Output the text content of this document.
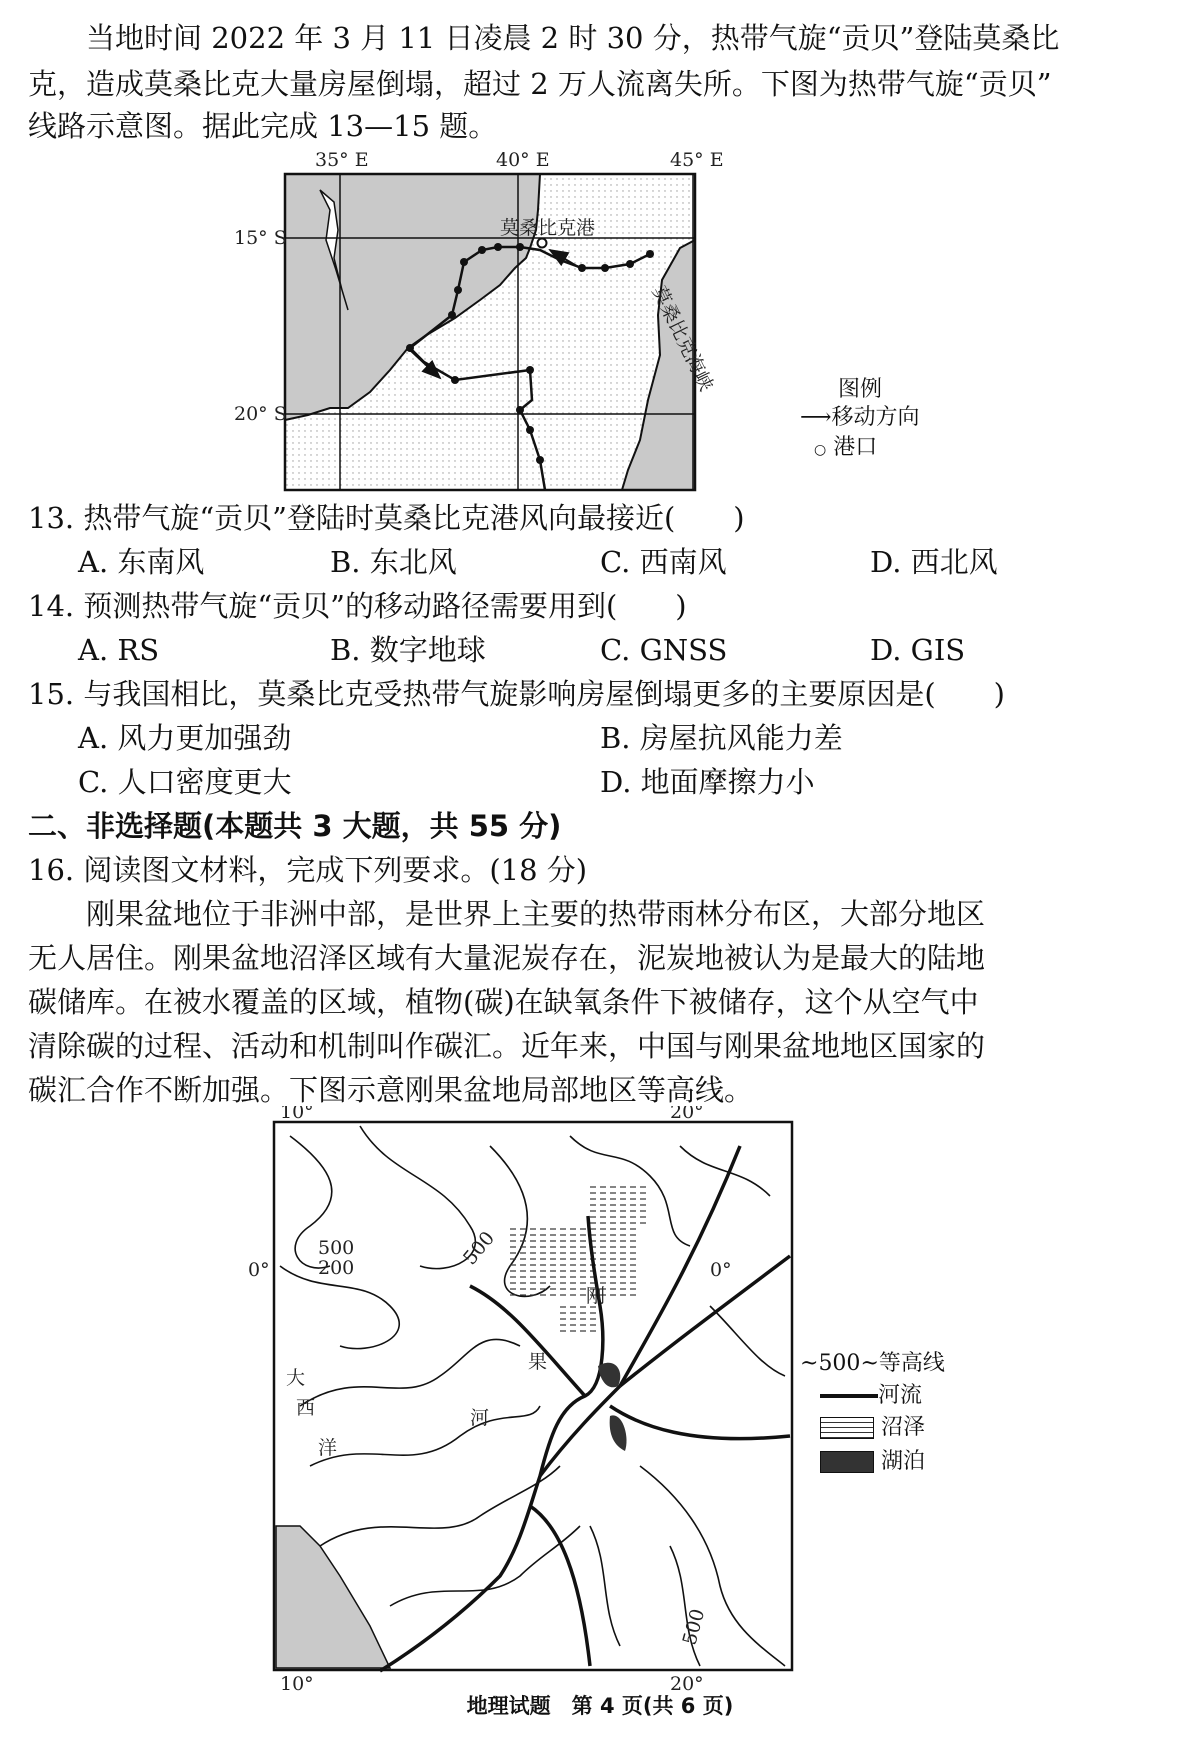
　　当地时间 2022 年 3 月 11 日凌晨 2 时 30 分，热带气旋“贡贝”登陆莫桑比
克，造成莫桑比克大量房屋倒塌，超过 2 万人流离失所。下图为热带气旋“贡贝”
线路示意图。据此完成 13—15 题。
35° E	40° E	45° E
15° S
20° S
莫桑比克港
莫桑比克海峡	图例
⟶移动方向
○ 港口
13. 热带气旋“贡贝”登陆时莫桑比克港风向最接近(　　)
A. 东南风	B. 东北风	C. 西南风	D. 西北风
14. 预测热带气旋“贡贝”的移动路径需要用到(　　)
A. RS	B. 数字地球	C. GNSS	D. GIS
15. 与我国相比，莫桑比克受热带气旋影响房屋倒塌更多的主要原因是(　　)
A. 风力更加强劲	B. 房屋抗风能力差
C. 人口密度更大	D. 地面摩擦力小
二、非选择题(本题共 3 大题，共 55 分)
16. 阅读图文材料，完成下列要求。(18 分)
　　刚果盆地位于非洲中部，是世界上主要的热带雨林分布区，大部分地区
无人居住。刚果盆地沼泽区域有大量泥炭存在，泥炭地被认为是最大的陆地
碳储库。在被水覆盖的区域，植物(碳)在缺氧条件下被储存，这个从空气中
清除碳的过程、活动和机制叫作碳汇。近年来，中国与刚果盆地地区国家的
碳汇合作不断加强。下图示意刚果盆地局部地区等高线。
10°	20°
10°	20°
0°	0°
500
200	500
500
刚
果
河
大
西
洋
~500~等高线
河流
沼泽
湖泊
地理试题　第 4 页(共 6 页)
